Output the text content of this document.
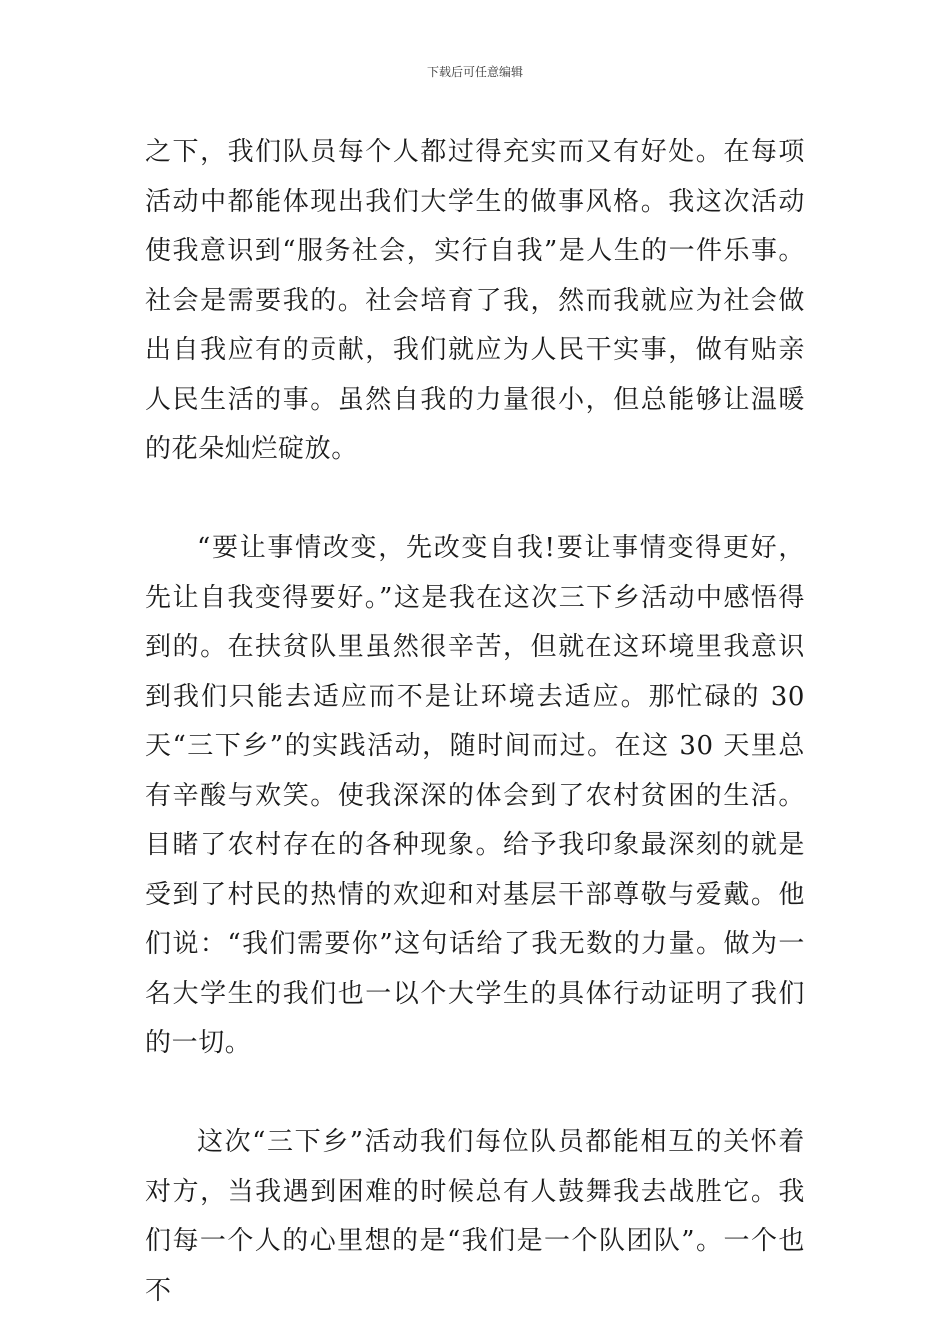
下载后可任意编辑

之下，我们队员每个人都过得充实而又有好处。在每项活动中都能体现出我们大学生的做事风格。我这次活动使我意识到“服务社会，实行自我”是人生的一件乐事。社会是需要我的。社会培育了我，然而我就应为社会做出自我应有的贡献，我们就应为人民干实事，做有贴亲人民生活的事。虽然自我的力量很小，但总能够让温暖的花朵灿烂碇放。

“要让事情改变，先改变自我!要让事情变得更好，先让自我变得要好。”这是我在这次三下乡活动中感悟得到的。在扶贫队里虽然很辛苦，但就在这环境里我意识到我们只能去适应而不是让环境去适应。那忙碌的 30 天“三下乡”的实践活动，随时间而过。在这 30 天里总有辛酸与欢笑。使我深深的体会到了农村贫困的生活。目睹了农村存在的各种现象。给予我印象最深刻的就是受到了村民的热情的欢迎和对基层干部尊敬与爱戴。他们说：“我们需要你”这句话给了我无数的力量。做为一名大学生的我们也一以个大学生的具体行动证明了我们的一切。

这次“三下乡”活动我们每位队员都能相互的关怀着对方，当我遇到困难的时候总有人鼓舞我去战胜它。我们每一个人的心里想的是“我们是一个队团队”。一个也不
